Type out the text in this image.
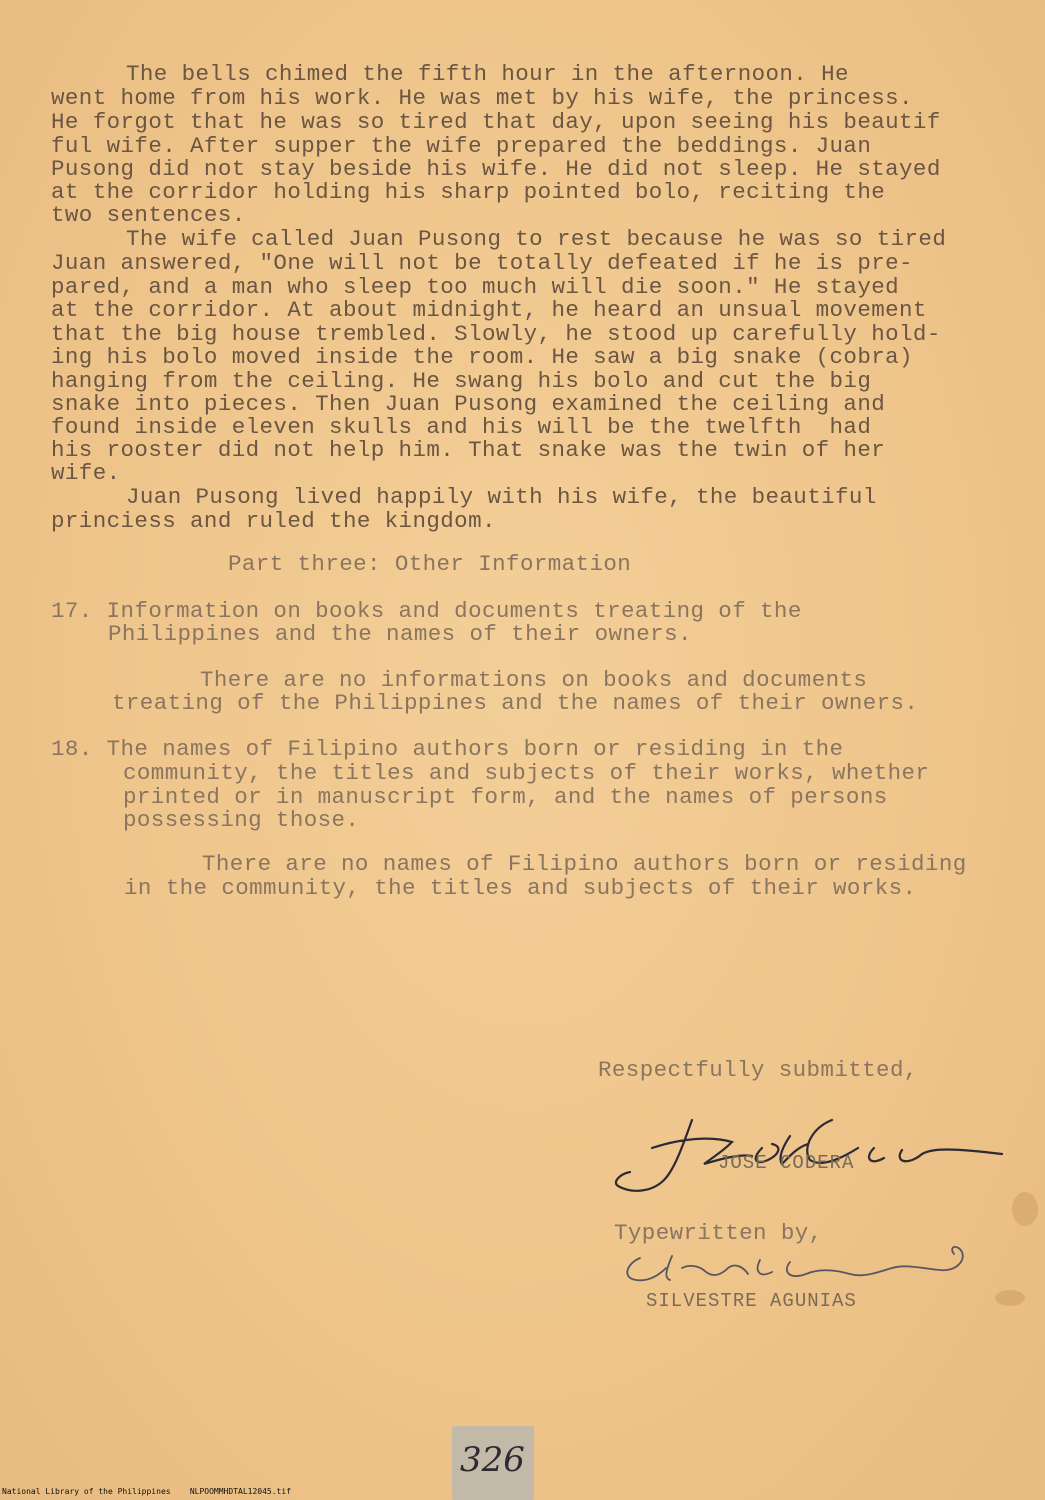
The bells chimed the fifth hour in the afternoon. He
went home from his work. He was met by his wife, the princess.
He forgot that he was so tired that day, upon seeing his beautif
ful wife. After supper the wife prepared the beddings. Juan
Pusong did not stay beside his wife. He did not sleep. He stayed
at the corridor holding his sharp pointed bolo, reciting the
two sentences.
The wife called Juan Pusong to rest because he was so tired
Juan answered, "One will not be totally defeated if he is pre-
pared, and a man who sleep too much will die soon." He stayed
at the corridor. At about midnight, he heard an unsual movement
that the big house trembled. Slowly, he stood up carefully hold-
ing his bolo moved inside the room. He saw a big snake (cobra)
hanging from the ceiling. He swang his bolo and cut the big
snake into pieces. Then Juan Pusong examined the ceiling and
found inside eleven skulls and his will be the twelfth  had
his rooster did not help him. That snake was the twin of her
wife.
Juan Pusong lived happily with his wife, the beautiful
princiess and ruled the kingdom.
Part three: Other Information
17. Information on books and documents treating of the
Philippines and the names of their owners.
There are no informations on books and documents
treating of the Philippines and the names of their owners.
18. The names of Filipino authors born or residing in the
community, the titles and subjects of their works, whether
printed or in manuscript form, and the names of persons
possessing those.
There are no names of Filipino authors born or residing
in the community, the titles and subjects of their works.
Respectfully submitted,
JOSE CODERA
Typewritten by,
SILVESTRE AGUNIAS
326
National Library of the Philippines NLPOOMMHDTAL12045.tif
